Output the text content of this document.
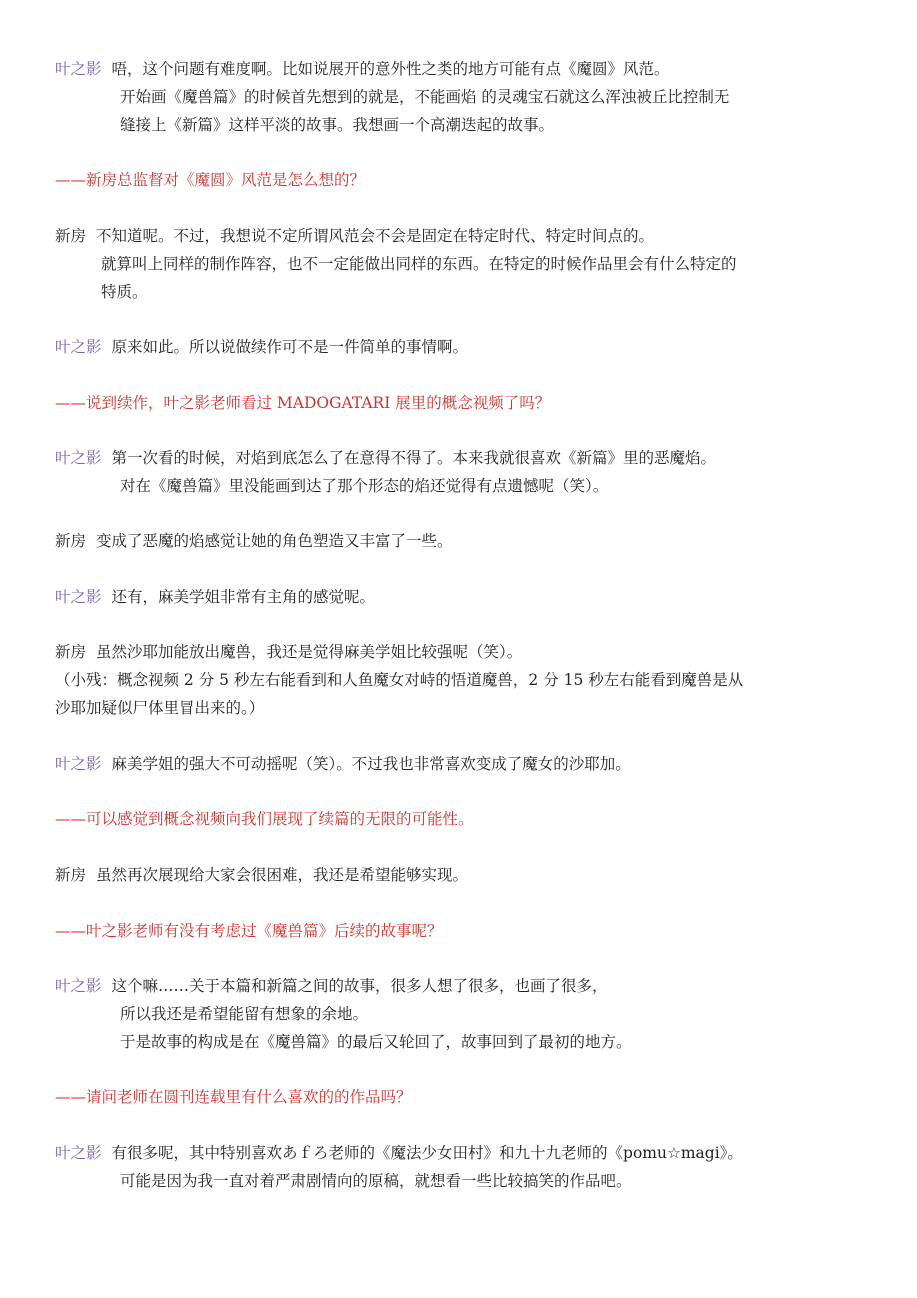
叶之影 唔，这个问题有难度啊。比如说展开的意外性之类的地方可能有点《魔圆》风范。
开始画《魔兽篇》的时候首先想到的就是，不能画焰 的灵魂宝石就这么浑浊被丘比控制无
缝接上《新篇》这样平淡的故事。我想画一个高潮迭起的故事。
——新房总监督对《魔圆》风范是怎么想的？
新房 不知道呢。不过，我想说不定所谓风范会不会是固定在特定时代、特定时间点的。
就算叫上同样的制作阵容，也不一定能做出同样的东西。在特定的时候作品里会有什么特定的
特质。
叶之影 原来如此。所以说做续作可不是一件简单的事情啊。
——说到续作，叶之影老师看过 MADOGATARI 展里的概念视频了吗？
叶之影 第一次看的时候，对焰到底怎么了在意得不得了。本来我就很喜欢《新篇》里的恶魔焰。
对在《魔兽篇》里没能画到达了那个形态的焰还觉得有点遗憾呢（笑）。
新房 变成了恶魔的焰感觉让她的角色塑造又丰富了一些。
叶之影 还有，麻美学姐非常有主角的感觉呢。
新房 虽然沙耶加能放出魔兽，我还是觉得麻美学姐比较强呢（笑）。
（小残：概念视频 2 分 5 秒左右能看到和人鱼魔女对峙的悟道魔兽，2 分 15 秒左右能看到魔兽是从
沙耶加疑似尸体里冒出来的。）
叶之影 麻美学姐的强大不可动摇呢（笑）。不过我也非常喜欢变成了魔女的沙耶加。
——可以感觉到概念视频向我们展现了续篇的无限的可能性。
新房 虽然再次展现给大家会很困难，我还是希望能够实现。
——叶之影老师有没有考虑过《魔兽篇》后续的故事呢？
叶之影 这个嘛……关于本篇和新篇之间的故事，很多人想了很多，也画了很多，
所以我还是希望能留有想象的余地。
于是故事的构成是在《魔兽篇》的最后又轮回了，故事回到了最初的地方。
——请问老师在圆刊连载里有什么喜欢的的作品吗？
叶之影 有很多呢，其中特别喜欢あｆろ老师的《魔法少女田村》和九十九老师的《pomu☆magi》。
可能是因为我一直对着严肃剧情向的原稿，就想看一些比较搞笑的作品吧。
